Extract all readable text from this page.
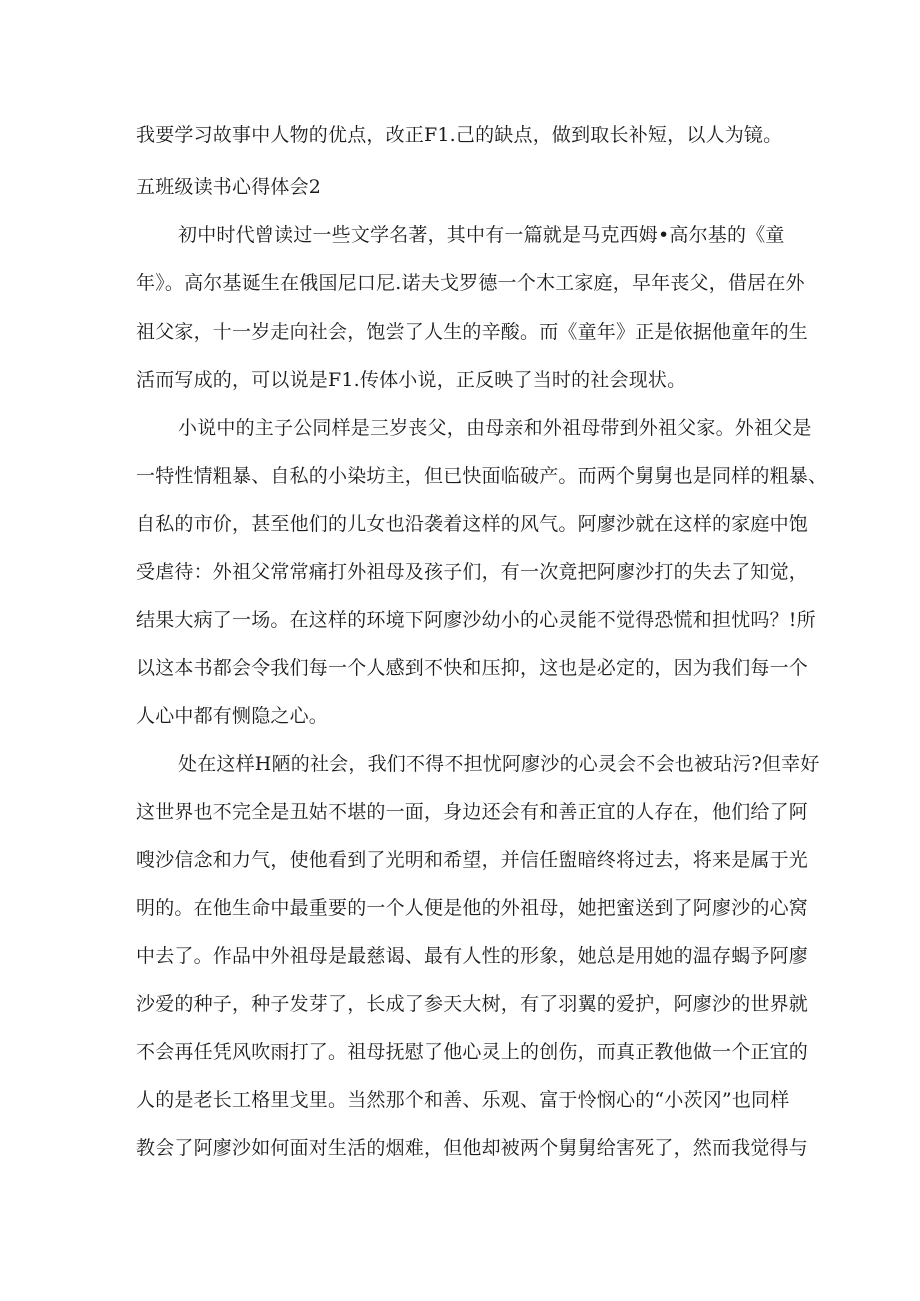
我要学习故事中人物的优点，改正F1.己的缺点，做到取长补短，以人为镜。
五班级读书心得体会2
初中时代曾读过一些文学名著，其中有一篇就是马克西姆•高尔基的《童
年》。高尔基诞生在俄国尼口尼.诺夫戈罗德一个木工家庭，早年丧父，借居在外
祖父家，十一岁走向社会，饱尝了人生的辛酸。而《童年》正是依据他童年的生
活而写成的，可以说是F1.传体小说，正反映了当时的社会现状。
小说中的主子公同样是三岁丧父，由母亲和外祖母带到外祖父家。外祖父是
一特性情粗暴、自私的小染坊主，但已快面临破产。而两个舅舅也是同样的粗暴、
自私的市价，甚至他们的儿女也沿袭着这样的风气。阿廖沙就在这样的家庭中饱
受虐待：外祖父常常痛打外祖母及孩子们，有一次竟把阿廖沙打的失去了知觉，
结果大病了一场。在这样的环境下阿廖沙幼小的心灵能不觉得恐慌和担忧吗？!所
以这本书都会令我们每一个人感到不快和压抑，这也是必定的，因为我们每一个
人心中都有恻隐之心。
处在这样H陋的社会，我们不得不担忧阿廖沙的心灵会不会也被玷污?但幸好
这世界也不完全是丑姑不堪的一面，身边还会有和善正宜的人存在，他们给了阿
嗖沙信念和力气，使他看到了光明和希望，并信任盥暗终将过去，将来是属于光
明的。在他生命中最重要的一个人便是他的外祖母，她把蜜送到了阿廖沙的心窝
中去了。作品中外祖母是最慈谒、最有人性的形象，她总是用她的温存蝎予阿廖
沙爱的种子，种子发芽了，长成了参天大树，有了羽翼的爱护，阿廖沙的世界就
不会再任凭风吹雨打了。祖母抚慰了他心灵上的创伤，而真正教他做一个正宜的
人的是老长工格里戈里。当然那个和善、乐观、富于怜悯心的“小茨冈”也同样
教会了阿廖沙如何面对生活的烟难，但他却被两个舅舅给害死了，然而我觉得与
